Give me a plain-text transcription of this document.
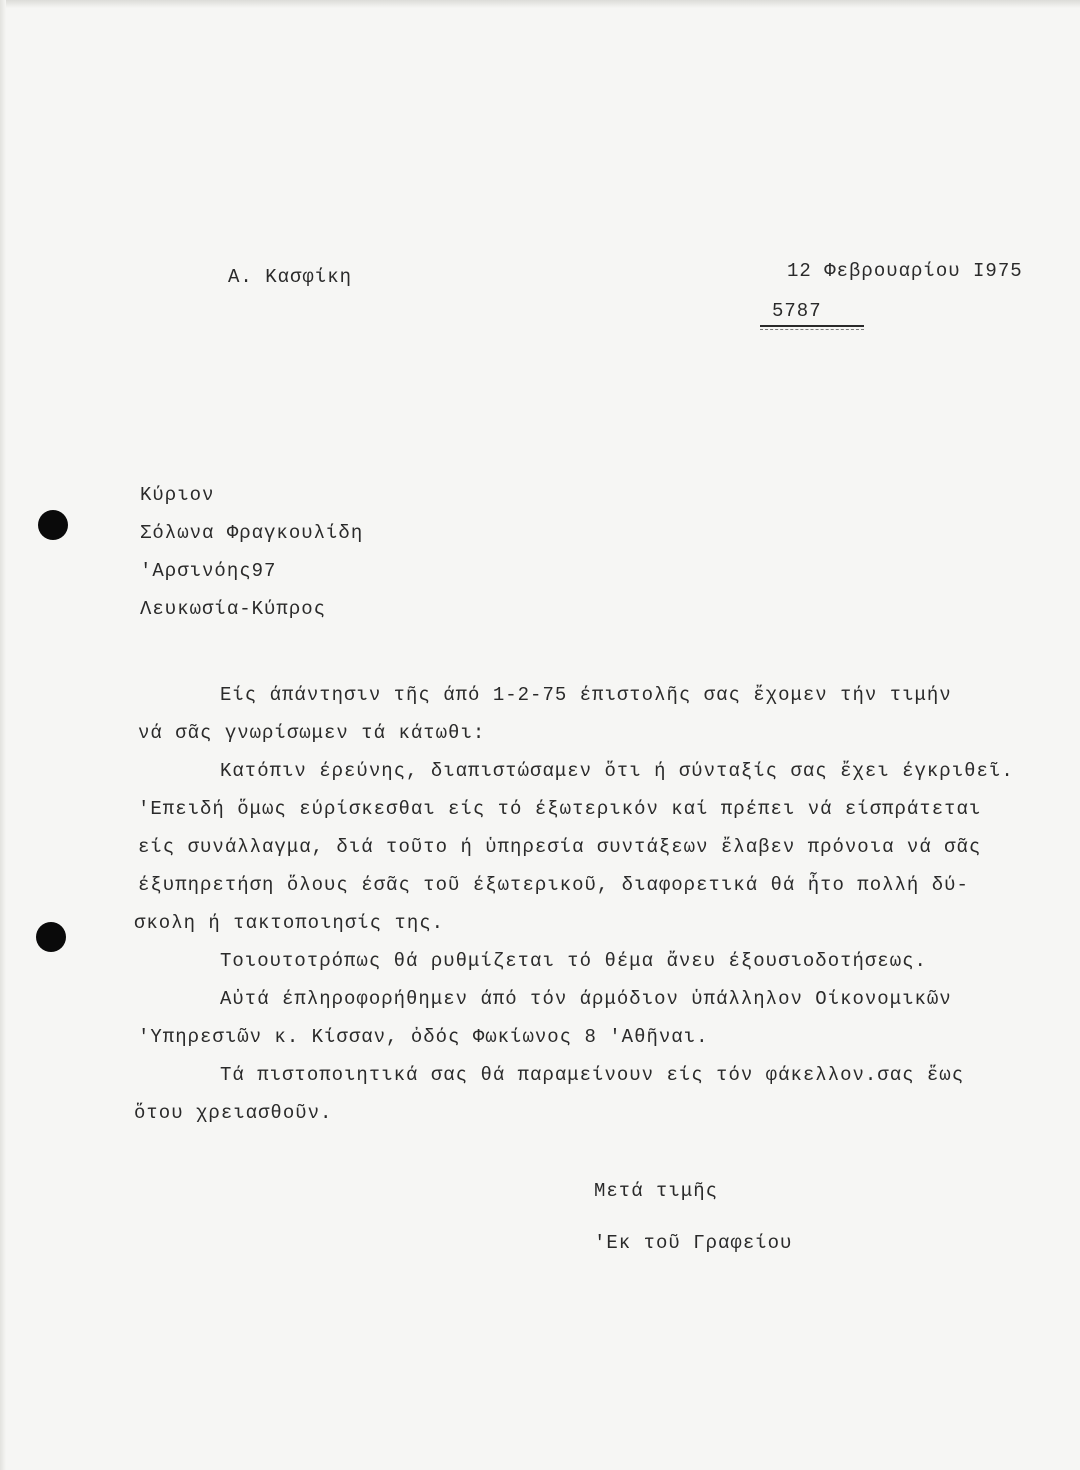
Α. Κασφίκη	12 Φεβρουαρίου Ι975
5787
Κύριον
Σόλωνα Φραγκουλίδη
'Αρσινόης97
Λευκωσία-Κύπρος
Είς άπάντησιν τῆς άπό 1-2-75 έπιστολῆς σας ἔχομεν τήν τιμήν
νά σᾶς γνωρίσωμεν τά κάτωθι:
Κατόπιν έρεύνης, διαπιστώσαμεν ὅτι ή σύνταξίς σας ἔχει έγκριθεῖ.
'Επειδή ὅμως εύρίσκεσθαι είς τό έξωτερικόν καί πρέπει νά είσπράτεται
είς συνάλλαγμα, διά τοῦτο ή ὑπηρεσία συντάξεων ἔλαβεν πρόνοια νά σᾶς
έξυπηρετήση ὅλους έσᾶς τοῦ έξωτερικοῦ, διαφορετικά θά ἦτο πολλή δύ-
σκολη ή τακτοποιησίς της.
Τοιουτοτρόπως θά ρυθμίζεται τό θέμα ἄνευ έξουσιοδοτήσεως.
Αὐτά έπληροφορήθημεν άπό τόν άρμόδιον ὑπάλληλον Οίκονομικῶν
'Υπηρεσιῶν κ. Κίσσαν, ὀδός Φωκίωνος 8 'Αθῆναι.
Τά πιστοποιητικά σας θά παραμείνουν είς τόν φάκελλον.σας ἕως
ὅτου χρειασθοῦν.
Μετά τιμῆς
'Εκ τοῦ Γραφείου
